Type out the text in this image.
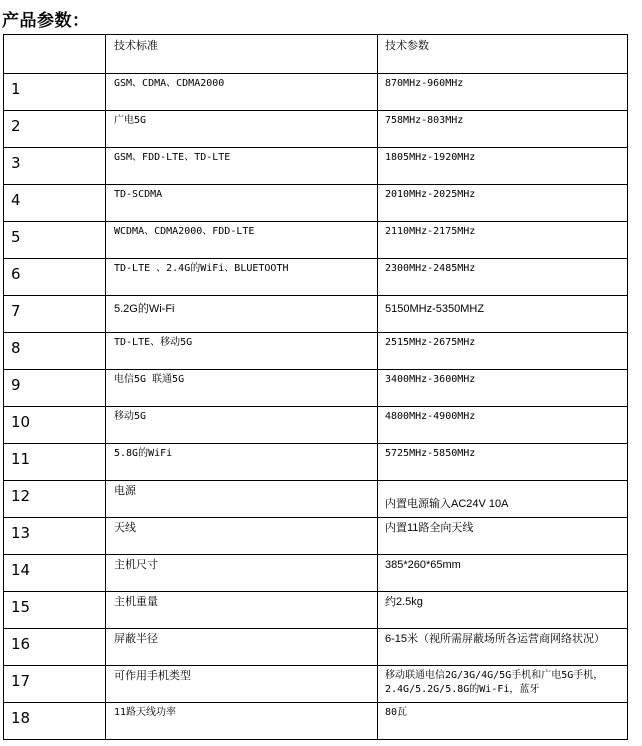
产品参数：
	技术标准	技术参数
1	GSM、CDMA、CDMA2000	870MHz-960MHz
2	广电5G	758MHz-803MHz
3	GSM、FDD-LTE、TD-LTE	1805MHz-1920MHz
4	TD-SCDMA	2010MHz-2025MHz
5	WCDMA、CDMA2000、FDD-LTE	2110MHz-2175MHz
6	TD-LTE 、2.4G的WiFi、BLUETOOTH	2300MHz-2485MHz
7	5.2G的Wi-Fi	5150MHz-5350MHZ
8	TD-LTE、移动5G	2515MHz-2675MHz
9	电信5G 联通5G	3400MHz-3600MHz
10	移动5G	4800MHz-4900MHz
11	5.8G的WiFi	5725MHz-5850MHz
12	电源	内置电源输入AC24V 10A
13	天线	内置11路全向天线
14	主机尺寸	385*260*65mm
15	主机重量	约2.5kg
16	屏蔽半径	6-15米（视所需屏蔽场所各运营商网络状况）
17	可作用手机类型	移动联通电信2G/3G/4G/5G手机和广电5G手机，2.4G/5.2G/5.8G的Wi-Fi，蓝牙
18	11路天线功率	80瓦
